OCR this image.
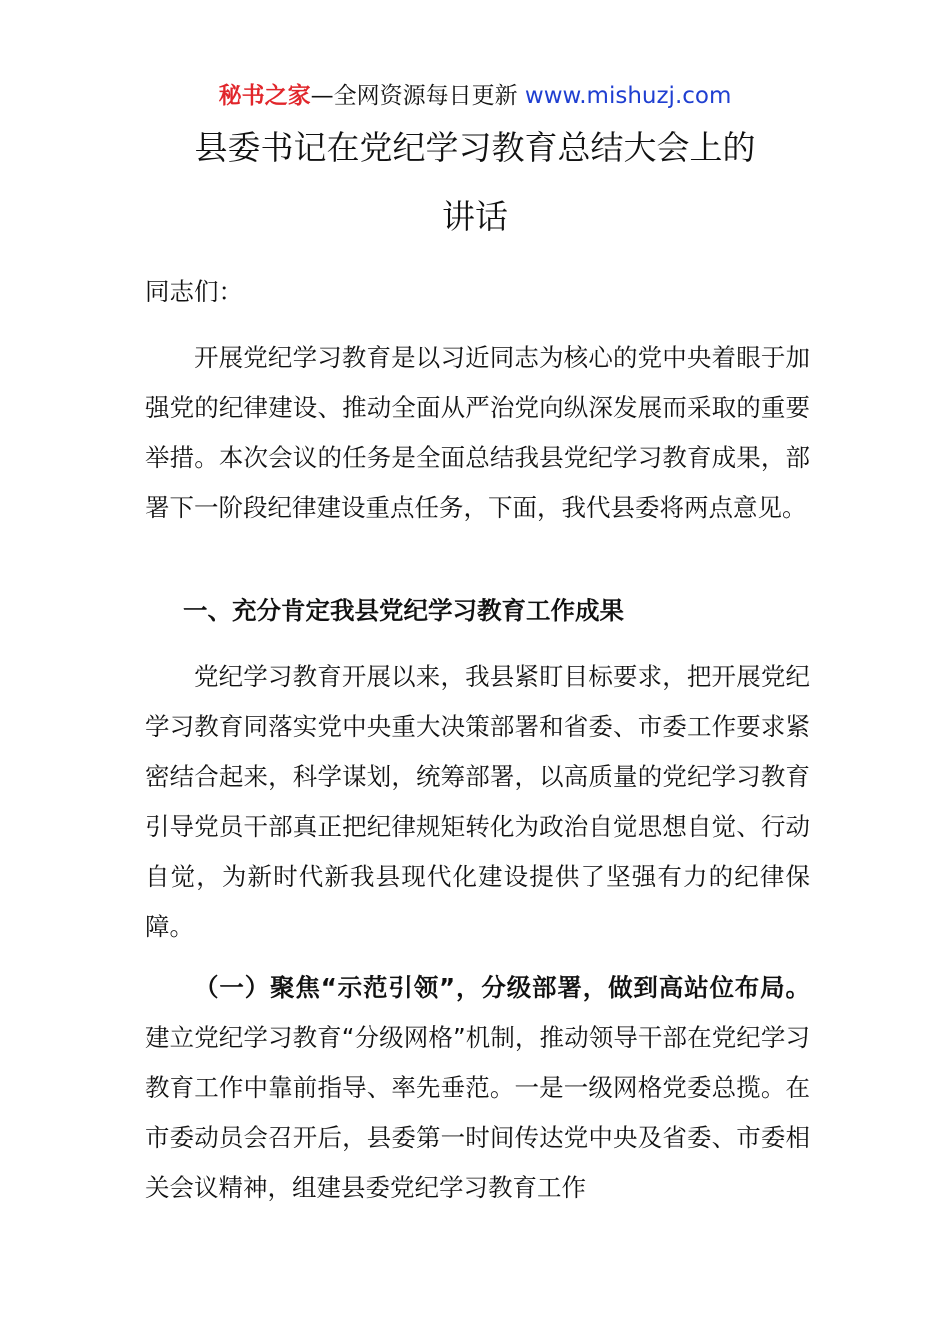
秘书之家—全网资源每日更新 www.mishuzj.com
县委书记在党纪学习教育总结大会上的
讲话
同志们：

开展党纪学习教育是以习近同志为核心的党中央着眼于加强党的纪律建设、推动全面从严治党向纵深发展而采取的重要举措。本次会议的任务是全面总结我县党纪学习教育成果，部署下一阶段纪律建设重点任务，下面，我代县委将两点意见。

一、充分肯定我县党纪学习教育工作成果

党纪学习教育开展以来，我县紧盯目标要求，把开展党纪学习教育同落实党中央重大决策部署和省委、市委工作要求紧密结合起来，科学谋划，统筹部署，以高质量的党纪学习教育引导党员干部真正把纪律规矩转化为政治自觉思想自觉、行动自觉，为新时代新我县现代化建设提供了坚强有力的纪律保障。

（一）聚焦“示范引领”，分级部署，做到高站位布局。建立党纪学习教育“分级网格”机制，推动领导干部在党纪学习教育工作中靠前指导、率先垂范。一是一级网格党委总揽。在市委动员会召开后，县委第一时间传达党中央及省委、市委相关会议精神，组建县委党纪学习教育工作
